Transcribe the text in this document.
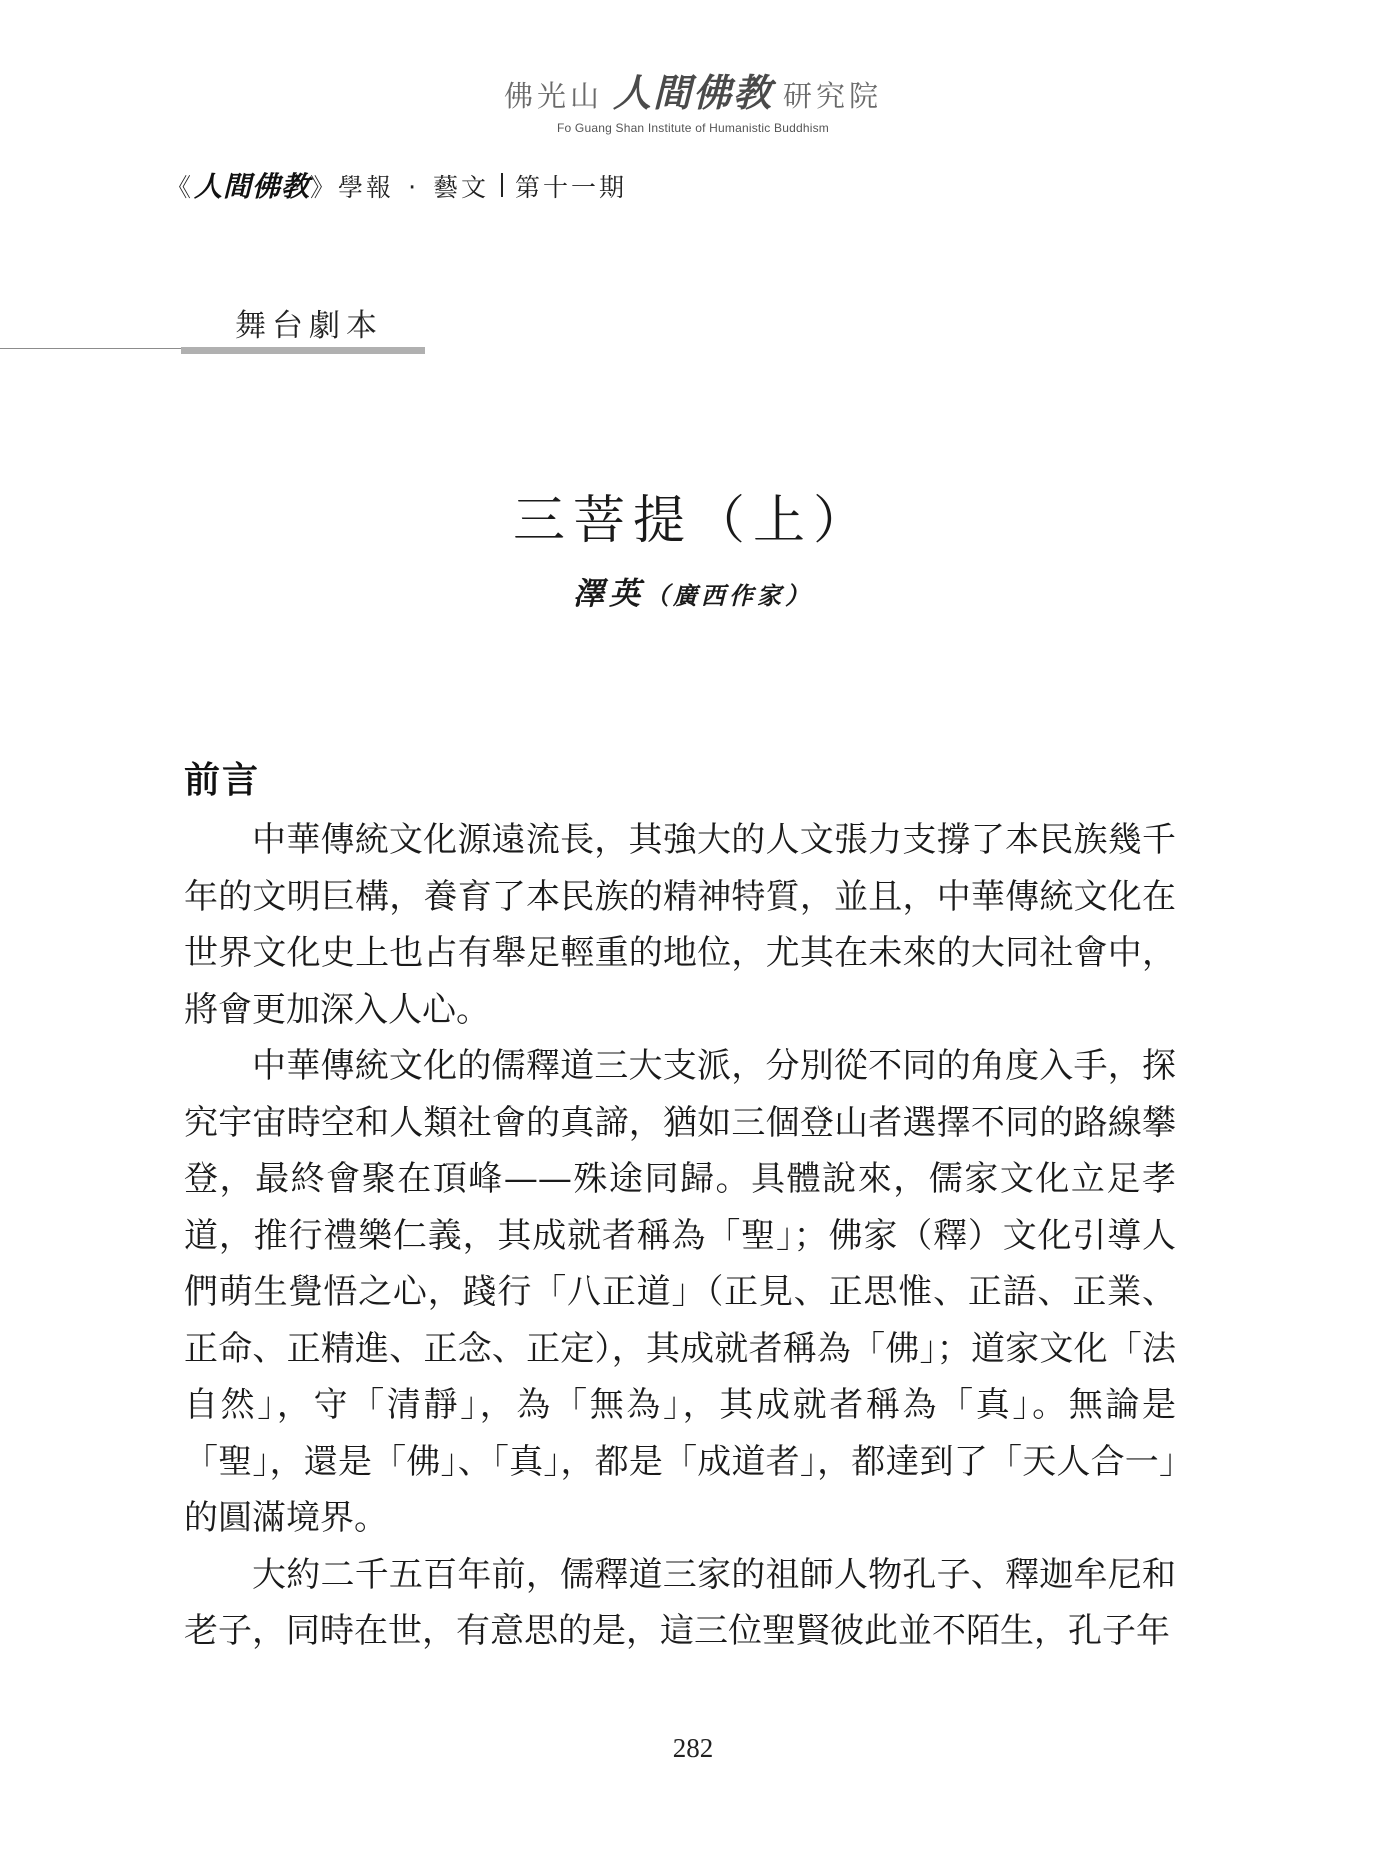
佛光山 人間佛教 研究院
Fo Guang Shan Institute of Humanistic Buddhism
《 人間佛教 》 學報 ‧ 藝文 第十一期
舞台劇本
三菩提（上）
澤英（廣西作家）
前言

中華傳統文化源遠流長，其強大的人文張力支撐了本民族幾千年的文明巨構，養育了本民族的精神特質，並且，中華傳統文化在世界文化史上也占有舉足輕重的地位，尤其在未來的大同社會中，將會更加深入人心。

中華傳統文化的儒釋道三大支派，分別從不同的角度入手，探究宇宙時空和人類社會的真諦，猶如三個登山者選擇不同的路線攀登，最終會聚在頂峰——殊途同歸。具體說來，儒家文化立足孝道，推行禮樂仁義，其成就者稱為「聖」；佛家（釋）文化引導人們萌生覺悟之心，踐行「八正道」（正見、正思惟、正語、正業、正命、正精進、正念、正定），其成就者稱為「佛」；道家文化「法自然」，守「清靜」，為「無為」，其成就者稱為「真」。無論是「聖」，還是「佛」、「真」，都是「成道者」，都達到了「天人合一」的圓滿境界。

大約二千五百年前，儒釋道三家的祖師人物孔子、釋迦牟尼和老子，同時在世，有意思的是，這三位聖賢彼此並不陌生，孔子年

282
